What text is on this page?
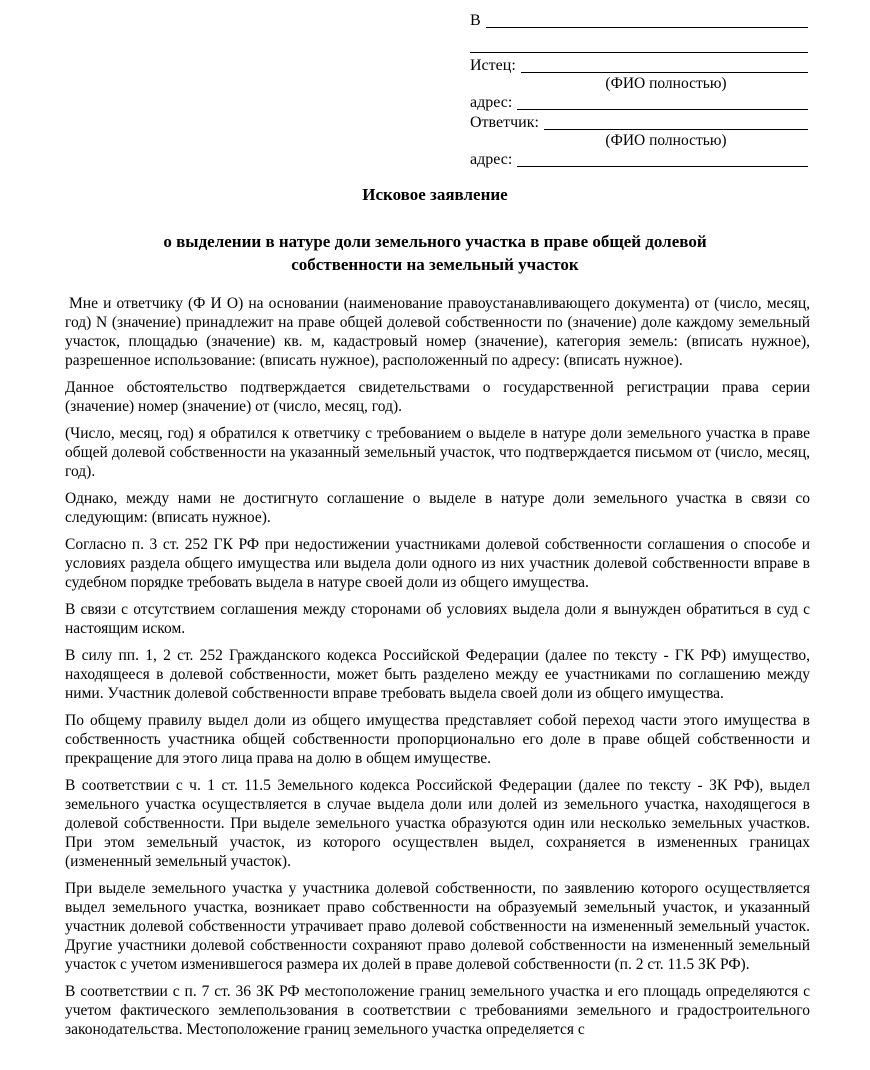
В
Истец:
(ФИО полностью)
адрес:
Ответчик:
(ФИО полностью)
адрес:
Исковое заявление
о выделении в натуре доли земельного участка в праве общей долевой собственности на земельный участок

Мне и ответчику (Ф И О) на основании (наименование правоустанавливающего документа) от (число, месяц, год) N (значение) принадлежит на праве общей долевой собственности по (значение) доле каждому земельный участок, площадью (значение) кв. м, кадастровый номер (значение), категория земель: (вписать нужное), разрешенное использование: (вписать нужное), расположенный по адресу: (вписать нужное).

Данное обстоятельство подтверждается свидетельствами о государственной регистрации права серии (значение) номер (значение) от (число, месяц, год).

(Число, месяц, год) я обратился к ответчику с требованием о выделе в натуре доли земельного участка в праве общей долевой собственности на указанный земельный участок, что подтверждается письмом от (число, месяц, год).

Однако, между нами не достигнуто соглашение о выделе в натуре доли земельного участка в связи со следующим: (вписать нужное).

Согласно п. 3 ст. 252 ГК РФ при недостижении участниками долевой собственности соглашения о способе и условиях раздела общего имущества или выдела доли одного из них участник долевой собственности вправе в судебном порядке требовать выдела в натуре своей доли из общего имущества.

В связи с отсутствием соглашения между сторонами об условиях выдела доли я вынужден обратиться в суд с настоящим иском.

В силу пп. 1, 2 ст. 252 Гражданского кодекса Российской Федерации (далее по тексту - ГК РФ) имущество, находящееся в долевой собственности, может быть разделено между ее участниками по соглашению между ними. Участник долевой собственности вправе требовать выдела своей доли из общего имущества.

По общему правилу выдел доли из общего имущества представляет собой переход части этого имущества в собственность участника общей собственности пропорционально его доле в праве общей собственности и прекращение для этого лица права на долю в общем имуществе.

В соответствии с ч. 1 ст. 11.5 Земельного кодекса Российской Федерации (далее по тексту - ЗК РФ), выдел земельного участка осуществляется в случае выдела доли или долей из земельного участка, находящегося в долевой собственности. При выделе земельного участка образуются один или несколько земельных участков. При этом земельный участок, из которого осуществлен выдел, сохраняется в измененных границах (измененный земельный участок).

При выделе земельного участка у участника долевой собственности, по заявлению которого осуществляется выдел земельного участка, возникает право собственности на образуемый земельный участок, и указанный участник долевой собственности утрачивает право долевой собственности на измененный земельный участок. Другие участники долевой собственности сохраняют право долевой собственности на измененный земельный участок с учетом изменившегося размера их долей в праве долевой собственности (п. 2 ст. 11.5 ЗК РФ).

В соответствии с п. 7 ст. 36 ЗК РФ местоположение границ земельного участка и его площадь определяются с учетом фактического землепользования в соответствии с требованиями земельного и градостроительного законодательства. Местоположение границ земельного участка определяется с
